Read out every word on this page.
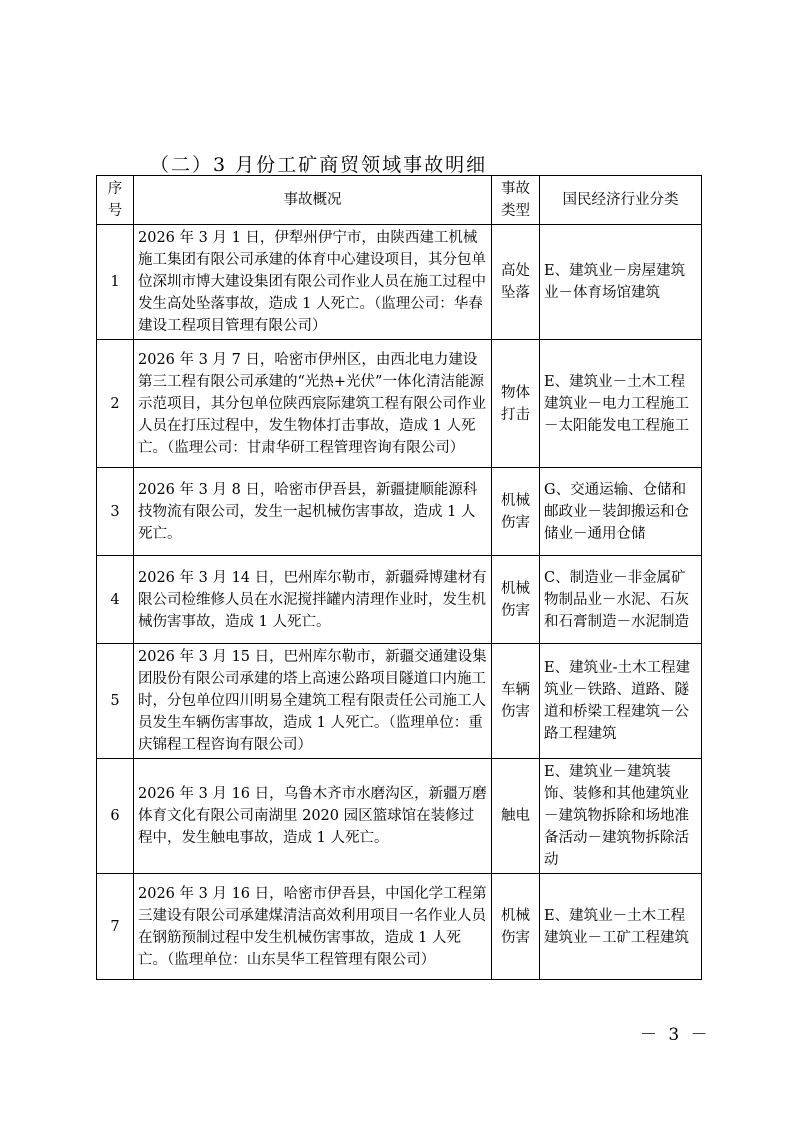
（二）3 月份工矿商贸领域事故明细
序号	事故概况	事故类型	国民经济行业分类
1	2026 年 3 月 1 日，伊犁州伊宁市，由陕西建工机械施工集团有限公司承建的体育中心建设项目，其分包单位深圳市博大建设集团有限公司作业人员在施工过程中发生高处坠落事故，造成 1 人死亡。（监理公司：华春建设工程项目管理有限公司）	高处坠落	E、建筑业－房屋建筑业－体育场馆建筑
2	2026 年 3 月 7 日，哈密市伊州区，由西北电力建设第三工程有限公司承建的“光热+光伏”一体化清洁能源示范项目，其分包单位陕西宸际建筑工程有限公司作业人员在打压过程中，发生物体打击事故，造成 1 人死亡。（监理公司：甘肃华研工程管理咨询有限公司）	物体打击	E、建筑业－土木工程建筑业－电力工程施工－太阳能发电工程施工
3	2026 年 3 月 8 日，哈密市伊吾县，新疆捷顺能源科技物流有限公司，发生一起机械伤害事故，造成 1 人死亡。	机械伤害	G、交通运输、仓储和邮政业－装卸搬运和仓储业－通用仓储
4	2026 年 3 月 14 日，巴州库尔勒市，新疆舜博建材有限公司检维修人员在水泥搅拌罐内清理作业时，发生机械伤害事故，造成 1 人死亡。	机械伤害	C、制造业－非金属矿物制品业－水泥、石灰和石膏制造－水泥制造
5	2026 年 3 月 15 日，巴州库尔勒市，新疆交通建设集团股份有限公司承建的塔上高速公路项目隧道口内施工时，分包单位四川明易全建筑工程有限责任公司施工人员发生车辆伤害事故，造成 1 人死亡。（监理单位：重庆锦程工程咨询有限公司）	车辆伤害	E、建筑业-土木工程建筑业－铁路、道路、隧道和桥梁工程建筑－公路工程建筑
6	2026 年 3 月 16 日，乌鲁木齐市水磨沟区，新疆万磨体育文化有限公司南湖里 2020 园区篮球馆在装修过程中，发生触电事故，造成 1 人死亡。	触电	E、建筑业－建筑装饰、装修和其他建筑业－建筑物拆除和场地准备活动－建筑物拆除活动
7	2026 年 3 月 16 日，哈密市伊吾县，中国化学工程第三建设有限公司承建煤清洁高效利用项目一名作业人员在钢筋预制过程中发生机械伤害事故，造成 1 人死亡。（监理单位：山东昊华工程管理有限公司）	机械伤害	E、建筑业－土木工程建筑业－工矿工程建筑
－ 3 －
